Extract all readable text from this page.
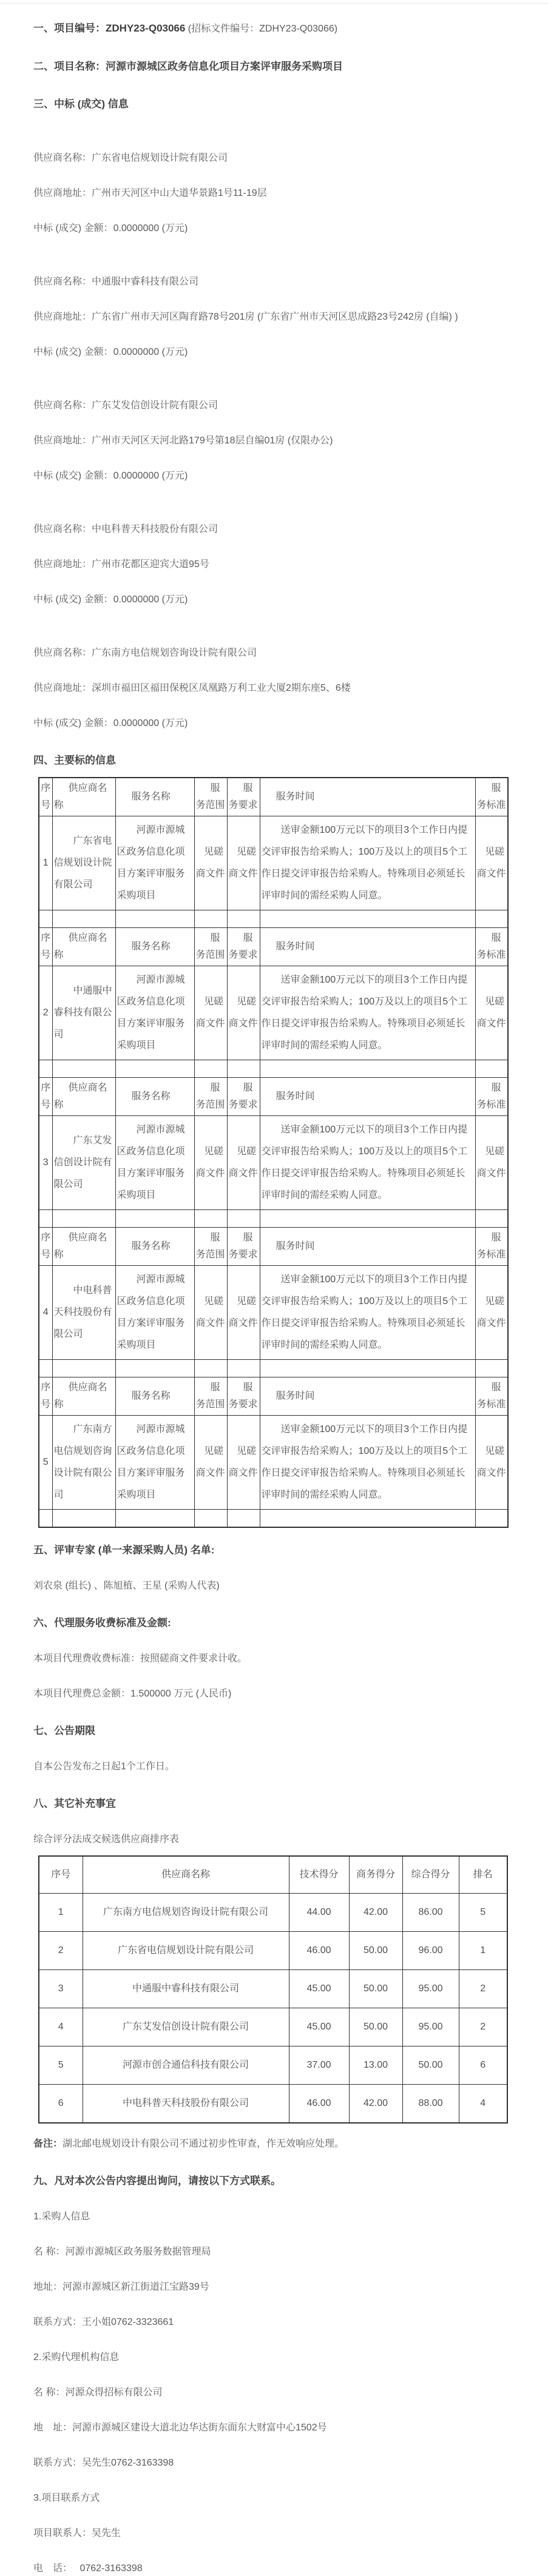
一、项目编号：ZDHY23-Q03066 (招标文件编号：ZDHY23-Q03066)

二、项目名称：河源市源城区政务信息化项目方案评审服务采购项目

三、中标 (成交) 信息

供应商名称：广东省电信规划设计院有限公司

供应商地址：广州市天河区中山大道华景路1号11-19层

中标 (成交) 金额：0.0000000 (万元)

供应商名称：中通服中睿科技有限公司

供应商地址：广东省广州市天河区陶育路78号201房 (广东省广州市天河区思成路23号242房 (自编) )

中标 (成交) 金额：0.0000000 (万元)

供应商名称：广东艾发信创设计院有限公司

供应商地址：广州市天河区天河北路179号第18层自编01房 (仅限办公)

中标 (成交) 金额：0.0000000 (万元)

供应商名称：中电科普天科技股份有限公司

供应商地址：广州市花都区迎宾大道95号

中标 (成交) 金额：0.0000000 (万元)

供应商名称：广东南方电信规划咨询设计院有限公司

供应商地址：深圳市福田区福田保税区凤凰路万利工业大厦2期东座5、6楼

中标 (成交) 金额：0.0000000 (万元)

四、主要标的信息

序号	供应商名称	服务名称	服务范围	服务要求	服务时间	服务标准
1	广东省电信规划设计院有限公司	河源市源城区政务信息化项目方案评审服务采购项目	见磋商文件	见磋商文件	送审金额100万元以下的项目3个工作日内提交评审报告给采购人；100万及以上的项目5个工作日提交评审报告给采购人。特殊项目必须延长评审时间的需经采购人同意。	见磋商文件

序号	供应商名称	服务名称	服务范围	服务要求	服务时间	服务标准
2	中通服中睿科技有限公司	河源市源城区政务信息化项目方案评审服务采购项目	见磋商文件	见磋商文件	送审金额100万元以下的项目3个工作日内提交评审报告给采购人；100万及以上的项目5个工作日提交评审报告给采购人。特殊项目必须延长评审时间的需经采购人同意。	见磋商文件

序号	供应商名称	服务名称	服务范围	服务要求	服务时间	服务标准
3	广东艾发信创设计院有限公司	河源市源城区政务信息化项目方案评审服务采购项目	见磋商文件	见磋商文件	送审金额100万元以下的项目3个工作日内提交评审报告给采购人；100万及以上的项目5个工作日提交评审报告给采购人。特殊项目必须延长评审时间的需经采购人同意。	见磋商文件

序号	供应商名称	服务名称	服务范围	服务要求	服务时间	服务标准
4	中电科普天科技股份有限公司	河源市源城区政务信息化项目方案评审服务采购项目	见磋商文件	见磋商文件	送审金额100万元以下的项目3个工作日内提交评审报告给采购人；100万及以上的项目5个工作日提交评审报告给采购人。特殊项目必须延长评审时间的需经采购人同意。	见磋商文件

序号	供应商名称	服务名称	服务范围	服务要求	服务时间	服务标准
5	广东南方电信规划咨询设计院有限公司	河源市源城区政务信息化项目方案评审服务采购项目	见磋商文件	见磋商文件	送审金额100万元以下的项目3个工作日内提交评审报告给采购人；100万及以上的项目5个工作日提交评审报告给采购人。特殊项目必须延长评审时间的需经采购人同意。	见磋商文件

五、评审专家 (单一来源采购人员) 名单:

刘农泉 (组长) 、陈旭植、王星 (采购人代表)

六、代理服务收费标准及金额:

本项目代理费收费标准：按照磋商文件要求计收。

本项目代理费总金额：1.500000 万元 (人民币)

七、公告期限

自本公告发布之日起1个工作日。

八、其它补充事宜

综合评分法成交候选供应商排序表

序号	供应商名称	技术得分	商务得分	综合得分	排名
1	广东南方电信规划咨询设计院有限公司	44.00	42.00	86.00	5
2	广东省电信规划设计院有限公司	46.00	50.00	96.00	1
3	中通服中睿科技有限公司	45.00	50.00	95.00	2
4	广东艾发信创设计院有限公司	45.00	50.00	95.00	2
5	河源市创合通信科技有限公司	37.00	13.00	50.00	6
6	中电科普天科技股份有限公司	46.00	42.00	88.00	4

备注：湖北邮电规划设计有限公司不通过初步性审查，作无效响应处理。

九、凡对本次公告内容提出询问，请按以下方式联系。

1.采购人信息

名 称：河源市源城区政务服务数据管理局

地址：河源市源城区新江街道江宝路39号

联系方式：王小姐0762-3323661

2.采购代理机构信息

名 称：河源众得招标有限公司

地　址：河源市源城区建设大道北边华达街东面东大财富中心1502号

联系方式：吴先生0762-3163398

3.项目联系方式

项目联系人：吴先生

电　话：　 0762-3163398
